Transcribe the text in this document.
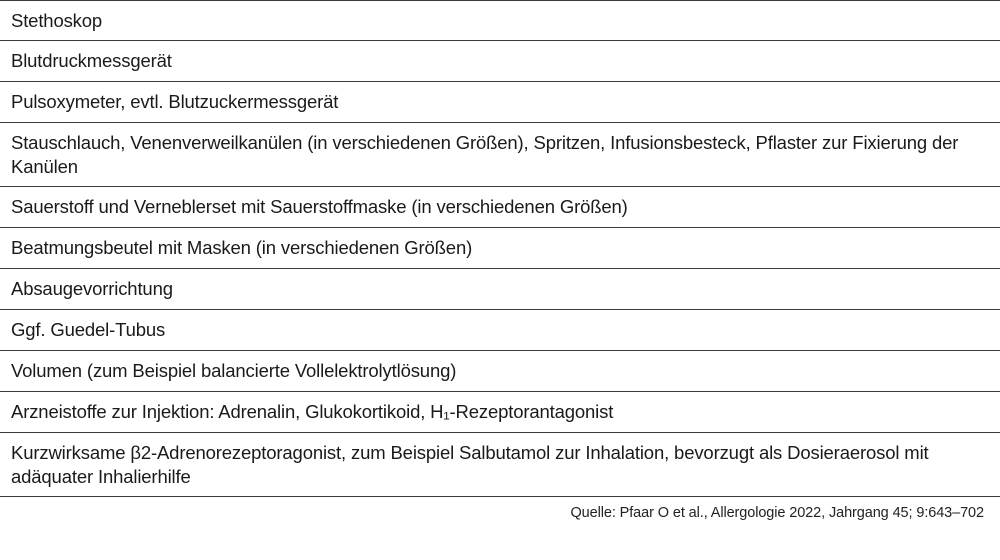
Stethoskop
Blutdruckmessgerät
Pulsoxymeter, evtl. Blutzuckermessgerät
Stauschlauch, Venenverweilkanülen (in verschiedenen Größen), Spritzen, Infusionsbesteck, Pflaster zur Fixierung der Kanülen
Sauerstoff und Verneblerset mit Sauerstoffmaske (in verschiedenen Größen)
Beatmungsbeutel mit Masken (in verschiedenen Größen)
Absaugevorrichtung
Ggf. Guedel-Tubus
Volumen (zum Beispiel balancierte Vollelektrolytlösung)
Arzneistoffe zur Injektion: Adrenalin, Glukokortikoid, H₁-Rezeptorantagonist
Kurzwirksame β2-Adrenorezeptoragonist, zum Beispiel Salbutamol zur Inhalation, bevorzugt als Dosieraerosol mit adäquater Inhalierhilfe
Quelle: Pfaar O et al., Allergologie 2022, Jahrgang 45; 9:643–702
